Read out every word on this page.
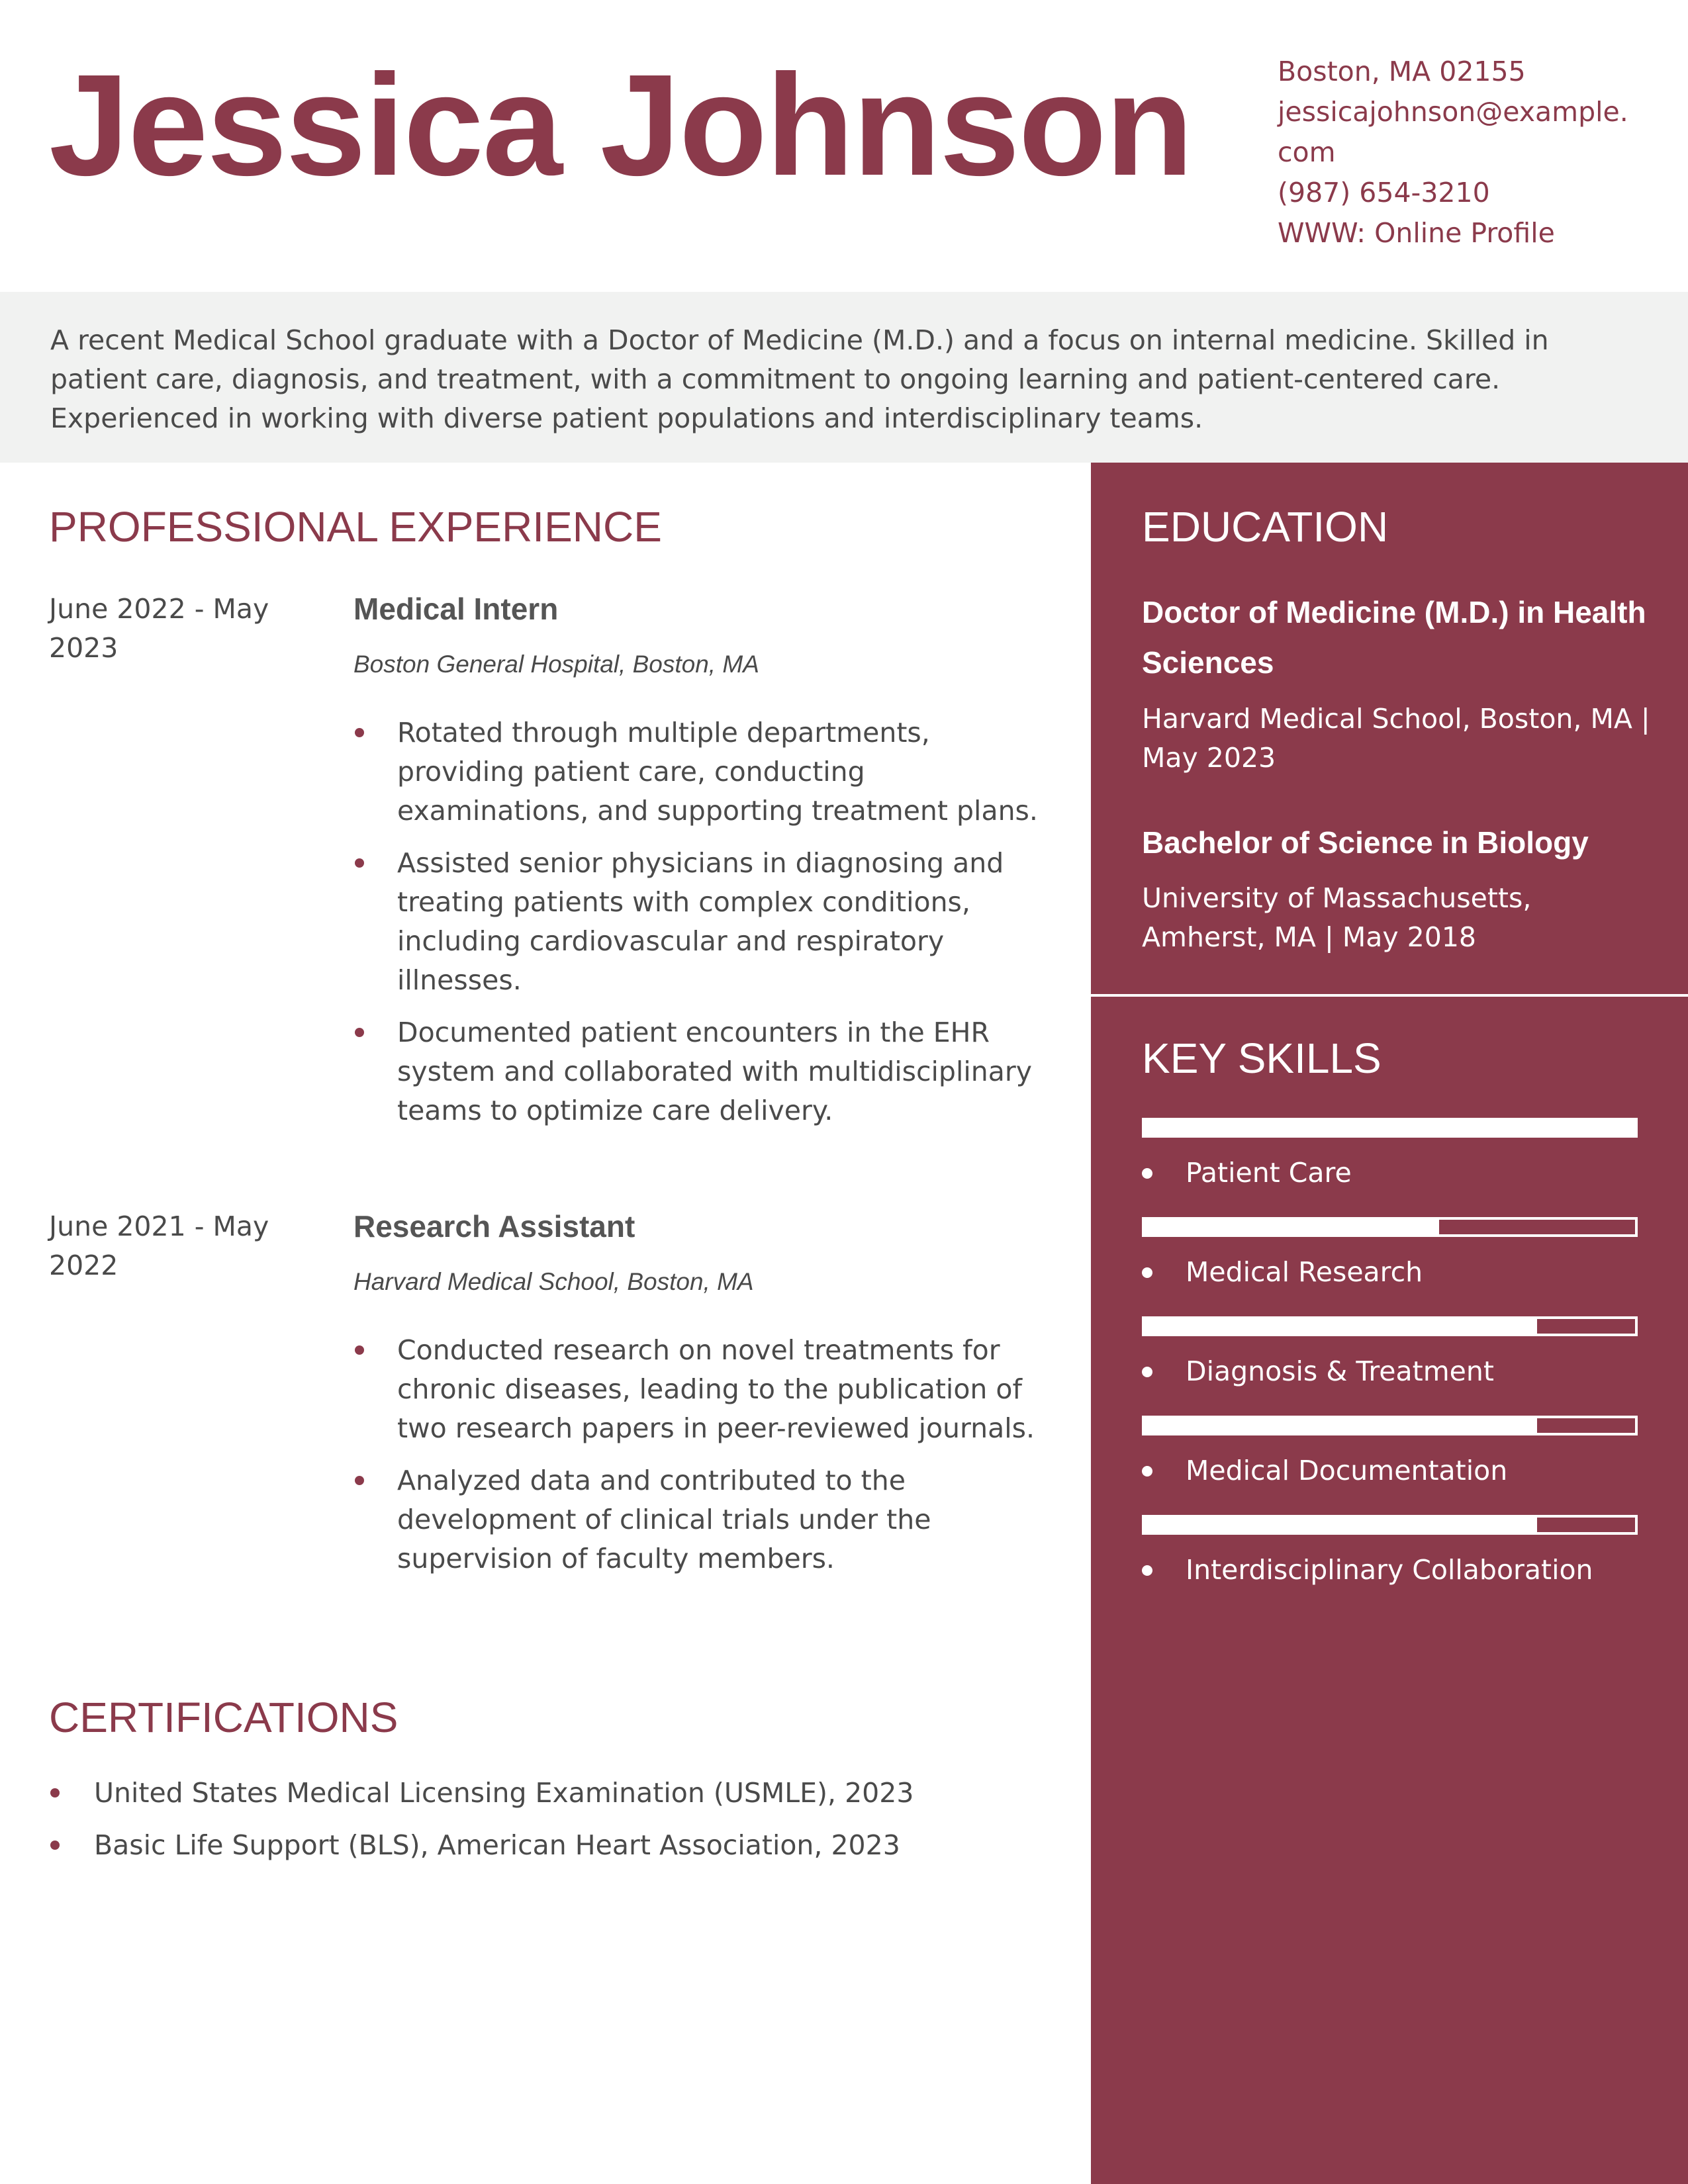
Jessica Johnson	Boston, MA 02155
jessicajohnson@example.
com
(987) 654-3210
WWW: Online Profile

A recent Medical School graduate with a Doctor of Medicine (M.D.) and a focus on internal medicine. Skilled in patient care, diagnosis, and treatment, with a commitment to ongoing learning and patient-centered care. Experienced in working with diverse patient populations and interdisciplinary teams.

PROFESSIONAL EXPERIENCE
June 2022 - May 2023
Medical Intern
Boston General Hospital, Boston, MA
Rotated through multiple departments, providing patient care, conducting examinations, and supporting treatment plans.
Assisted senior physicians in diagnosing and treating patients with complex conditions, including cardiovascular and respiratory illnesses.
Documented patient encounters in the EHR system and collaborated with multidisciplinary teams to optimize care delivery.
June 2021 - May 2022
Research Assistant
Harvard Medical School, Boston, MA
Conducted research on novel treatments for chronic diseases, leading to the publication of two research papers in peer-reviewed journals.
Analyzed data and contributed to the development of clinical trials under the supervision of faculty members.
CERTIFICATIONS
United States Medical Licensing Examination (USMLE), 2023
Basic Life Support (BLS), American Heart Association, 2023
EDUCATION
Doctor of Medicine (M.D.) in Health Sciences
Harvard Medical School, Boston, MA | May 2023
Bachelor of Science in Biology
University of Massachusetts, Amherst, MA | May 2018
KEY SKILLS
Patient Care
Medical Research
Diagnosis & Treatment
Medical Documentation
Interdisciplinary Collaboration
